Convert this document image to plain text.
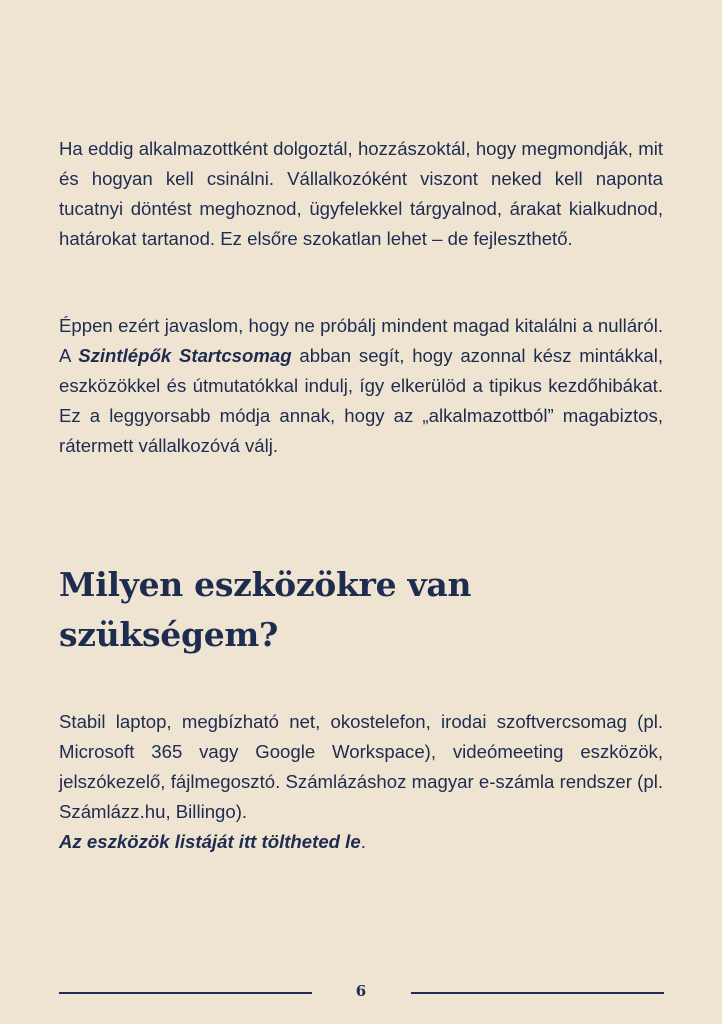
Ha eddig alkalmazottként dolgoztál, hozzászoktál, hogy megmondják, mit és hogyan kell csinálni. Vállalkozóként viszont neked kell naponta tucatnyi döntést meghoznod, ügyfelekkel tárgyalnod, árakat kialkudnod, határokat tartanod. Ez elsőre szokatlan lehet – de fejleszthető.

Éppen ezért javaslom, hogy ne próbálj mindent magad kitalálni a nulláról. A Szintlépők Startcsomag abban segít, hogy azonnal kész mintákkal, eszközökkel és útmutatókkal indulj, így elkerülöd a tipikus kezdőhibákat. Ez a leggyorsabb módja annak, hogy az „alkalmazottból” magabiztos, rátermett vállalkozóvá válj.

Milyen eszközökre van szükségem?

Stabil laptop, megbízható net, okostelefon, irodai szoftvercsomag (pl. Microsoft 365 vagy Google Workspace), videómeeting eszközök, jelszókezelő, fájlmegosztó. Számlázáshoz magyar e-számla rendszer (pl. Számlázz.hu, Billingo).
Az eszközök listáját itt töltheted le.

6
